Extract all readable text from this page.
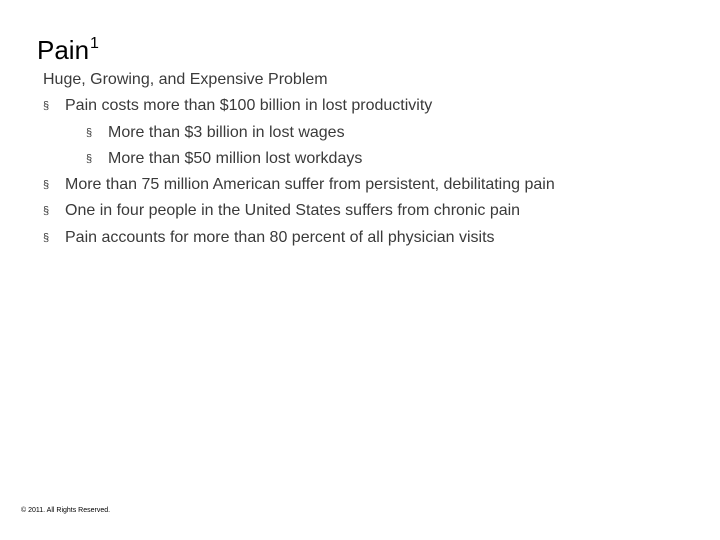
Pain$^1$
Huge, Growing, and Expensive Problem
§ Pain costs more than $100 billion in lost productivity
§ More than $3 billion in lost wages
§ More than $50 million lost workdays
§ More than 75 million American suffer from persistent, debilitating pain
§ One in four people in the United States suffers from chronic pain
§ Pain accounts for more than 80 percent of all physician visits
© 2011. All Rights Reserved.
